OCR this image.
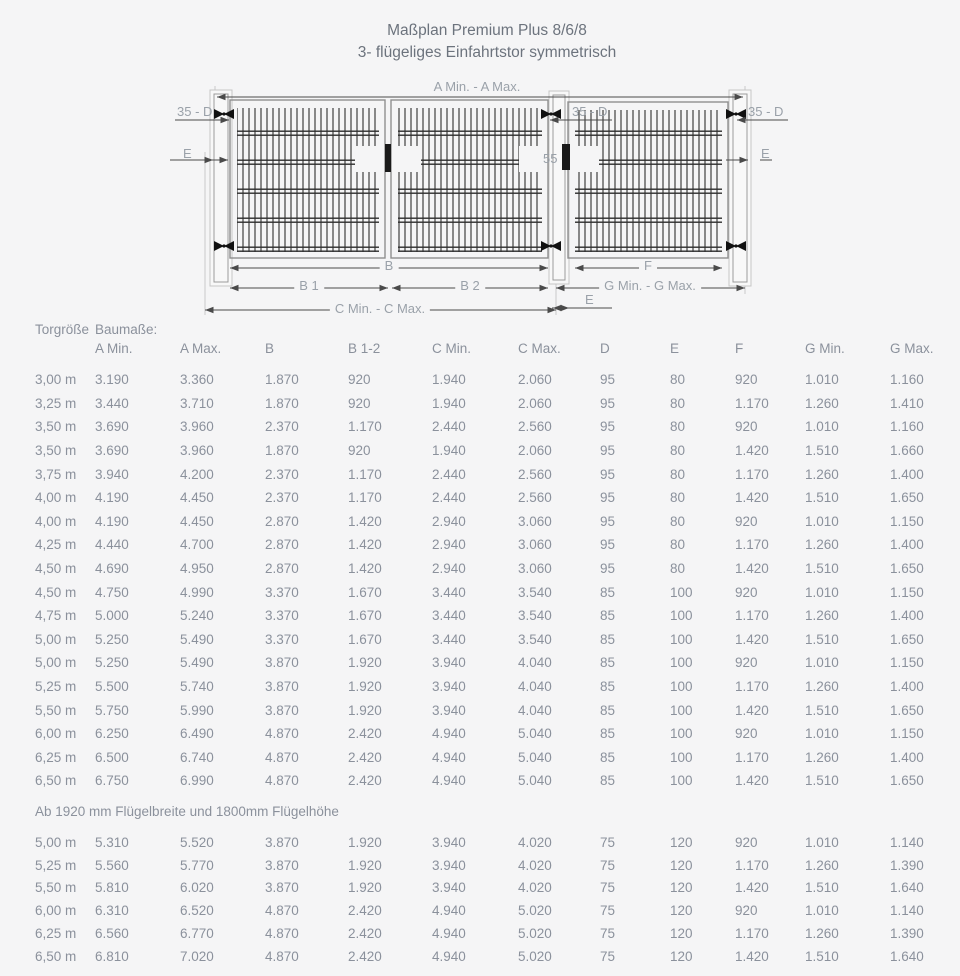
Maßplan Premium Plus 8/6/8
3- flügeliges Einfahrtstor symmetrisch
A Min. - A Max.
35 - D	35 - D	35 - D
E	E
55
B
B 1	B 2
F
G Min. - G Max.
C Min. - C Max.
E
Torgröße	Baumaße:										
	A Min.	A Max.	B	B 1-2	C Min.	C Max.	D	E	F	G Min.	G Max.
3,00 m	3.190	3.360	1.870	920	1.940	2.060	95	80	920	1.010	1.160
3,25 m	3.440	3.710	1.870	920	1.940	2.060	95	80	1.170	1.260	1.410
3,50 m	3.690	3.960	2.370	1.170	2.440	2.560	95	80	920	1.010	1.160
3,50 m	3.690	3.960	1.870	920	1.940	2.060	95	80	1.420	1.510	1.660
3,75 m	3.940	4.200	2.370	1.170	2.440	2.560	95	80	1.170	1.260	1.400
4,00 m	4.190	4.450	2.370	1.170	2.440	2.560	95	80	1.420	1.510	1.650
4,00 m	4.190	4.450	2.870	1.420	2.940	3.060	95	80	920	1.010	1.150
4,25 m	4.440	4.700	2.870	1.420	2.940	3.060	95	80	1.170	1.260	1.400
4,50 m	4.690	4.950	2.870	1.420	2.940	3.060	95	80	1.420	1.510	1.650
4,50 m	4.750	4.990	3.370	1.670	3.440	3.540	85	100	920	1.010	1.150
4,75 m	5.000	5.240	3.370	1.670	3.440	3.540	85	100	1.170	1.260	1.400
5,00 m	5.250	5.490	3.370	1.670	3.440	3.540	85	100	1.420	1.510	1.650
5,00 m	5.250	5.490	3.870	1.920	3.940	4.040	85	100	920	1.010	1.150
5,25 m	5.500	5.740	3.870	1.920	3.940	4.040	85	100	1.170	1.260	1.400
5,50 m	5.750	5.990	3.870	1.920	3.940	4.040	85	100	1.420	1.510	1.650
6,00 m	6.250	6.490	4.870	2.420	4.940	5.040	85	100	920	1.010	1.150
6,25 m	6.500	6.740	4.870	2.420	4.940	5.040	85	100	1.170	1.260	1.400
6,50 m	6.750	6.990	4.870	2.420	4.940	5.040	85	100	1.420	1.510	1.650
Ab 1920 mm Flügelbreite und 1800mm Flügelhöhe											
5,00 m	5.310	5.520	3.870	1.920	3.940	4.020	75	120	920	1.010	1.140
5,25 m	5.560	5.770	3.870	1.920	3.940	4.020	75	120	1.170	1.260	1.390
5,50 m	5.810	6.020	3.870	1.920	3.940	4.020	75	120	1.420	1.510	1.640
6,00 m	6.310	6.520	4.870	2.420	4.940	5.020	75	120	920	1.010	1.140
6,25 m	6.560	6.770	4.870	2.420	4.940	5.020	75	120	1.170	1.260	1.390
6,50 m	6.810	7.020	4.870	2.420	4.940	5.020	75	120	1.420	1.510	1.640
